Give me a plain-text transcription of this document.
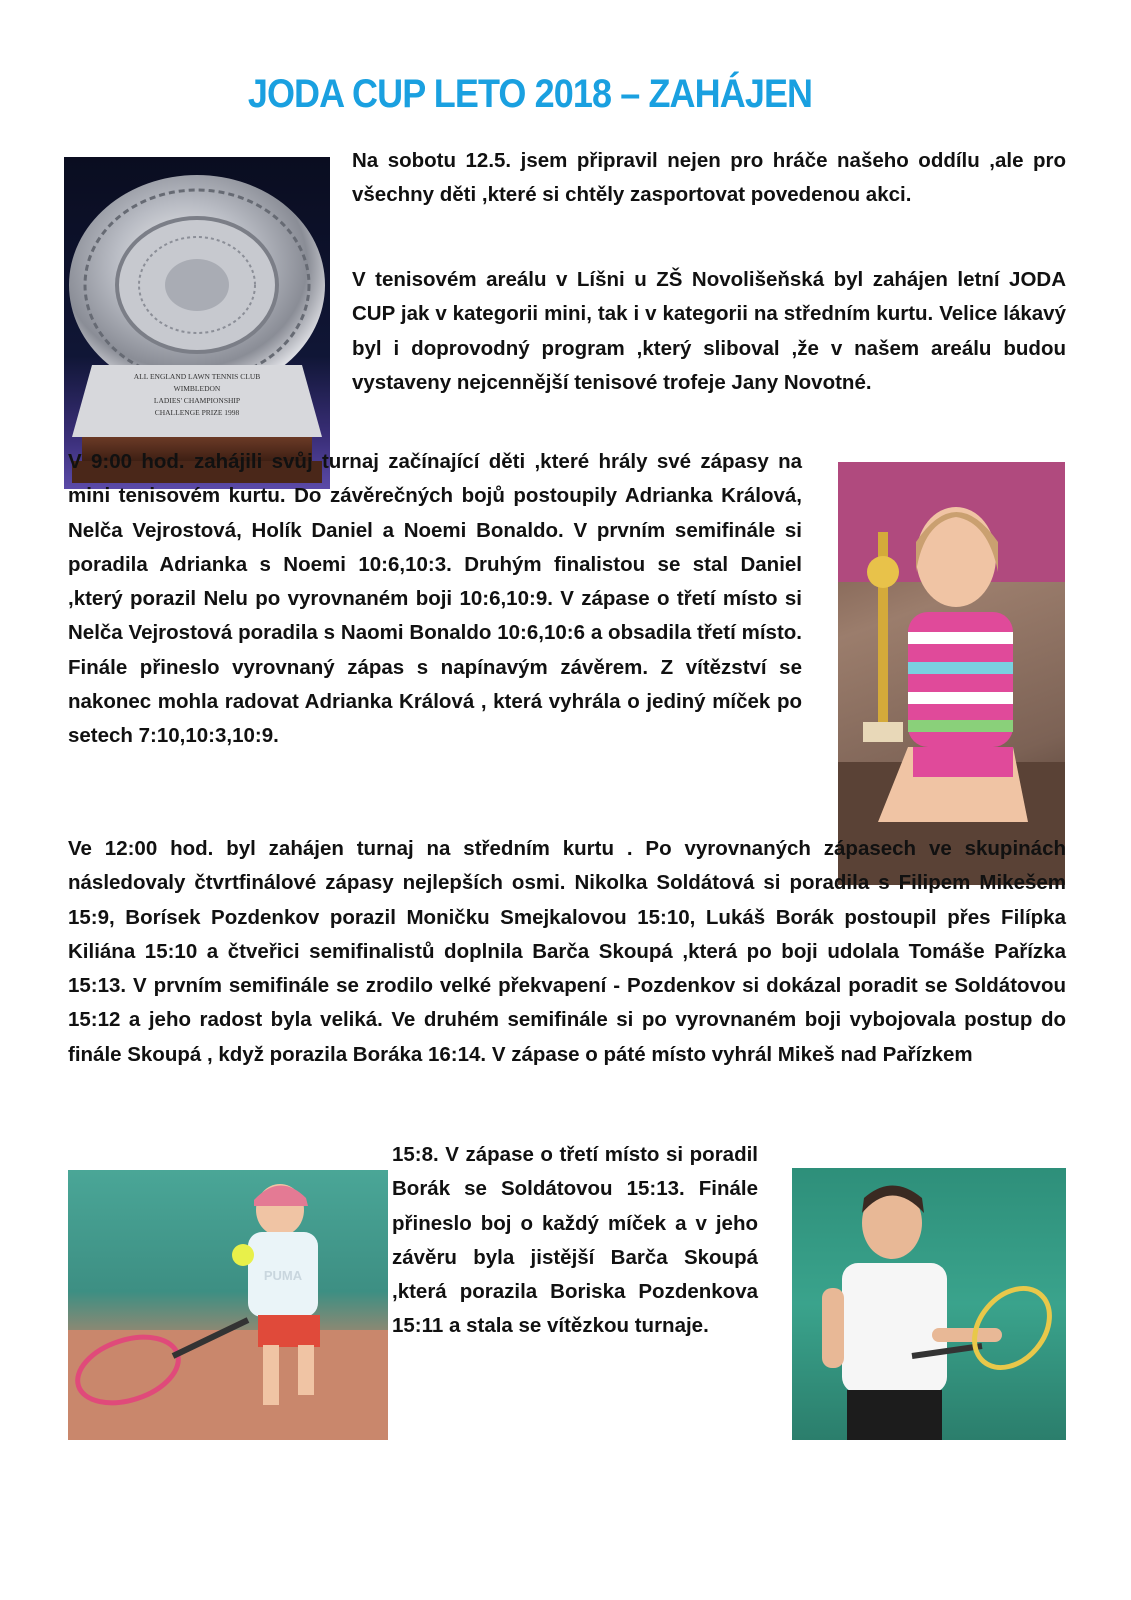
JODA CUP LETO 2018 – ZAHÁJEN
ALL ENGLAND LAWN TENNIS CLUB
WIMBLEDON
LADIES' CHAMPIONSHIP
CHALLENGE PRIZE 1998

Na sobotu 12.5. jsem připravil nejen pro hráče našeho oddílu ,ale pro všechny děti ,které si chtěly zasportovat povedenou akci.

V tenisovém areálu v Líšni u ZŠ Novolišeňská byl zahájen letní JODA CUP jak v kategorii mini, tak i v kategorii na středním kurtu. Velice lákavý byl i doprovodný program ,který sliboval ,že v našem areálu budou vystaveny nejcennější tenisové trofeje Jany Novotné.

V 9:00 hod. zahájili svůj turnaj začínající děti ,které hrály své zápasy na mini tenisovém kurtu. Do závěrečných bojů postoupily Adrianka Králová, Nelča Vejrostová, Holík Daniel a Noemi Bonaldo. V prvním semifinále si poradila Adrianka s Noemi 10:6,10:3. Druhým finalistou se stal Daniel ,který porazil Nelu po vyrovnaném boji 10:6,10:9. V zápase o třetí místo si Nelča Vejrostová poradila s Naomi Bonaldo 10:6,10:6 a obsadila třetí místo. Finále přineslo vyrovnaný zápas s napínavým závěrem. Z vítězství se nakonec mohla radovat Adrianka Králová , která vyhrála o jediný míček po setech 7:10,10:3,10:9.

Ve 12:00 hod. byl zahájen turnaj na středním kurtu . Po vyrovnaných zápasech ve skupinách následovaly čtvrtfinálové zápasy nejlepších osmi. Nikolka Soldátová si poradila s Filipem Mikešem 15:9, Borísek Pozdenkov porazil Moničku Smejkalovou 15:10, Lukáš Borák postoupil přes Filípka Kiliána 15:10 a čtveřici semifinalistů doplnila Barča Skoupá ,která po boji udolala Tomáše Pařízka 15:13. V prvním semifinále se zrodilo velké překvapení - Pozdenkov si dokázal poradit se Soldátovou 15:12 a jeho radost byla veliká. Ve druhém semifinále si po vyrovnaném boji vybojovala postup do finále Skoupá , když porazila Boráka 16:14. V zápase o páté místo vyhrál Mikeš nad Pařízkem

PUMA

15:8. V zápase o třetí místo si poradil Borák se Soldátovou 15:13. Finále přineslo boj o každý míček a v jeho závěru byla jistější Barča Skoupá ,která porazila Boriska Pozdenkova 15:11 a stala se vítězkou turnaje.
